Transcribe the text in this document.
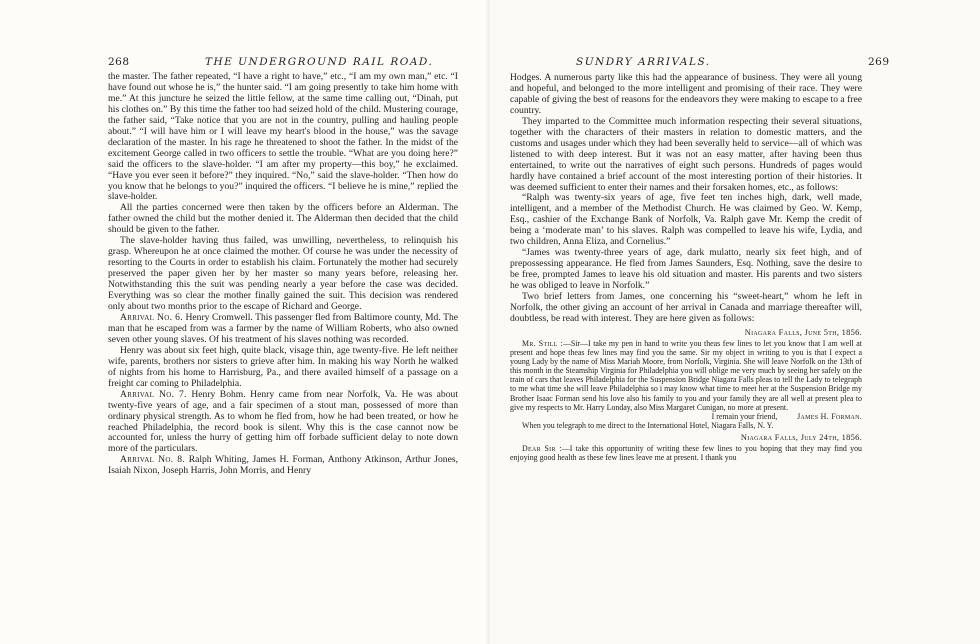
268	THE UNDERGROUND RAIL ROAD.

the master. The father repeated, “I have a right to have,” etc., “I am my own man,” etc. “I have found out whose he is,” the hunter said. “I am going presently to take him home with me.” At this juncture he seized the little fellow, at the same time calling out, “Dinah, put his clothes on.” By this time the father too had seized hold of the child. Mustering courage, the father said, “Take notice that you are not in the country, pulling and hauling people about.” “I will have him or I will leave my heart's blood in the house,” was the savage declaration of the master. In his rage he threatened to shoot the father. In the midst of the excitement George called in two officers to settle the trouble. “What are you doing here?” said the officers to the slave-holder. “I am after my property—this boy,” he exclaimed. “Have you ever seen it before?” they inquired. “No,” said the slave-holder. “Then how do you know that he belongs to you?” inquired the officers. “I believe he is mine,” replied the slave-holder.

All the parties concerned were then taken by the officers before an Alderman. The father owned the child but the mother denied it. The Alderman then decided that the child should be given to the father.

The slave-holder having thus failed, was unwilling, nevertheless, to relinquish his grasp. Whereupon he at once claimed the mother. Of course he was under the necessity of resorting to the Courts in order to establish his claim. Fortunately the mother had securely preserved the paper given her by her master so many years before, releasing her. Notwithstanding this the suit was pending nearly a year before the case was decided. Everything was so clear the mother finally gained the suit. This decision was rendered only about two months prior to the escape of Richard and George.

Arrival No. 6. Henry Cromwell. This passenger fled from Baltimore county, Md. The man that he escaped from was a farmer by the name of William Roberts, who also owned seven other young slaves. Of his treatment of his slaves nothing was recorded.

Henry was about six feet high, quite black, visage thin, age twenty-five. He left neither wife, parents, brothers nor sisters to grieve after him. In making his way North he walked of nights from his home to Harrisburg, Pa., and there availed himself of a passage on a freight car coming to Philadelphia.

Arrival No. 7. Henry Bohm. Henry came from near Norfolk, Va. He was about twenty-five years of age, and a fair specimen of a stout man, possessed of more than ordinary physical strength. As to whom he fled from, how he had been treated, or how he reached Philadelphia, the record book is silent. Why this is the case cannot now be accounted for, unless the hurry of getting him off forbade sufficient delay to note down more of the particulars.

Arrival No. 8. Ralph Whiting, James H. Forman, Anthony Atkinson, Arthur Jones, Isaiah Nixon, Joseph Harris, John Morris, and Henry

SUNDRY ARRIVALS.	269

Hodges. A numerous party like this had the appearance of business. They were all young and hopeful, and belonged to the more intelligent and promising of their race. They were capable of giving the best of reasons for the endeavors they were making to escape to a free country.

They imparted to the Committee much information respecting their several situations, together with the characters of their masters in relation to domestic matters, and the customs and usages under which they had been severally held to service—all of which was listened to with deep interest. But it was not an easy matter, after having been thus entertained, to write out the narratives of eight such persons. Hundreds of pages would hardly have contained a brief account of the most interesting portion of their histories. It was deemed sufficient to enter their names and their forsaken homes, etc., as follows:

“Ralph was twenty-six years of age, five feet ten inches high, dark, well made, intelligent, and a member of the Methodist Church. He was claimed by Geo. W. Kemp, Esq., cashier of the Exchange Bank of Norfolk, Va. Ralph gave Mr. Kemp the credit of being a ‘moderate man’ to his slaves. Ralph was compelled to leave his wife, Lydia, and two children, Anna Eliza, and Cornelius.”

“James was twenty-three years of age, dark mulatto, nearly six feet high, and of prepossessing appearance. He fled from James Saunders, Esq. Nothing, save the desire to be free, prompted James to leave his old situation and master. His parents and two sisters he was obliged to leave in Norfolk.”

Two brief letters from James, one concerning his “sweet-heart,” whom he left in Norfolk, the other giving an account of her arrival in Canada and marriage thereafter will, doubtless, be read with interest. They are here given as follows:

Niagara Falls, June 5th, 1856.

Mr. Still :—Sir—I take my pen in hand to write you theas few lines to let you know that I am well at present and hope theas few lines may find you the same. Sir my object in writing to you is that I expect a young Lady by the name of Miss Mariah Moore, from Norfolk, Virginia. She will leave Norfolk on the 13th of this month in the Steamship Virginia for Philadelphia you will oblige me very much by seeing her safely on the train of cars that leaves Philadelphia for the Suspension Bridge Niagara Falls pleas to tell the Lady to telegraph to me what time she will leave Philadelphia so i may know what time to meet her at the Suspension Bridge my Brother Isaac Forman send his love also his family to you and your family they are all well at present plea to give my respects to Mr. Harry Londay, also Miss Margaret Cunigan, no more at present.

I remain your friend, James H. Forman.
When you telegraph to me direct to the International Hotel, Niagara Falls, N. Y.
Niagara Falls, July 24th, 1856.

Dear Sir :—I take this opportunity of writing these few lines to you hoping that they may find you enjoying good health as these few lines leave me at present. I thank you
